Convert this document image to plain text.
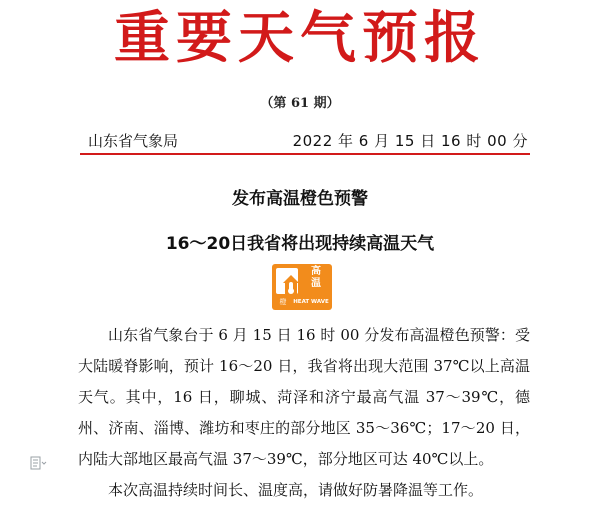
重要天气预报
（第 61 期）
山东省气象局	2022 年 6 月 15 日 16 时 00 分
发布高温橙色预警
16～20日我省将出现持续高温天气
高
温
橙	HEAT WAVE

山东省气象台于 6 月 15 日 16 时 00 分发布高温橙色预警：受大陆暖脊影响，预计 16～20 日，我省将出现大范围 37℃以上高温天气。其中，16 日，聊城、菏泽和济宁最高气温 37～39℃，德州、济南、淄博、潍坊和枣庄的部分地区 35～36℃；17～20 日，内陆大部地区最高气温 37～39℃，部分地区可达 40℃以上。

本次高温持续时间长、温度高，请做好防暑降温等工作。
